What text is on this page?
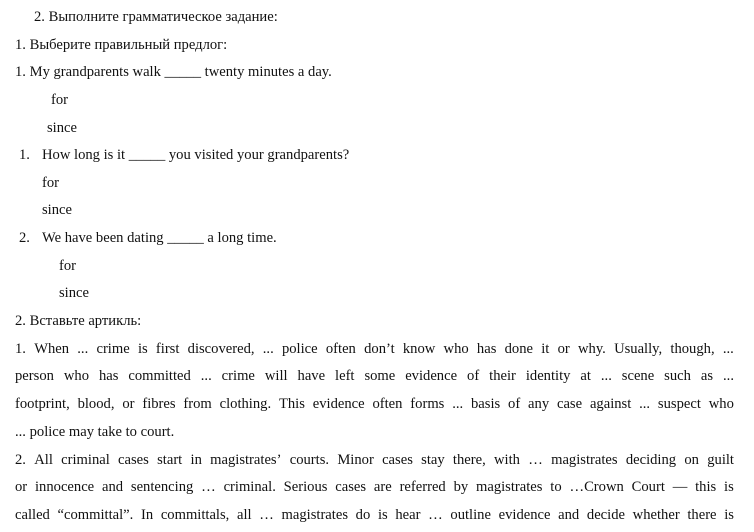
2. Выполните грамматическое задание:
1. Выберите правильный предлог:
1. My grandparents walk _____ twenty minutes a day.
for
since
1. How long is it _____ you visited your grandparents?
for
since
2. We have been dating _____ a long time.
for
since
2. Вставьте артикль:
1. When ... crime is first discovered, ... police often don’t know who has done it or why. Usually, though, ...
person who has committed ... crime will have left some evidence of their identity at ... scene such as ...
footprint, blood, or fibres from clothing. This evidence often forms ... basis of any case against ... suspect who
... police may take to court.
2. All criminal cases start in magistrates’ courts. Minor cases stay there, with … magistrates deciding on guilt
or innocence and sentencing … criminal. Serious cases are referred by magistrates to …Crown Court — this is
called “committal”. In committals, all … magistrates do is hear … outline evidence and decide whether there is
